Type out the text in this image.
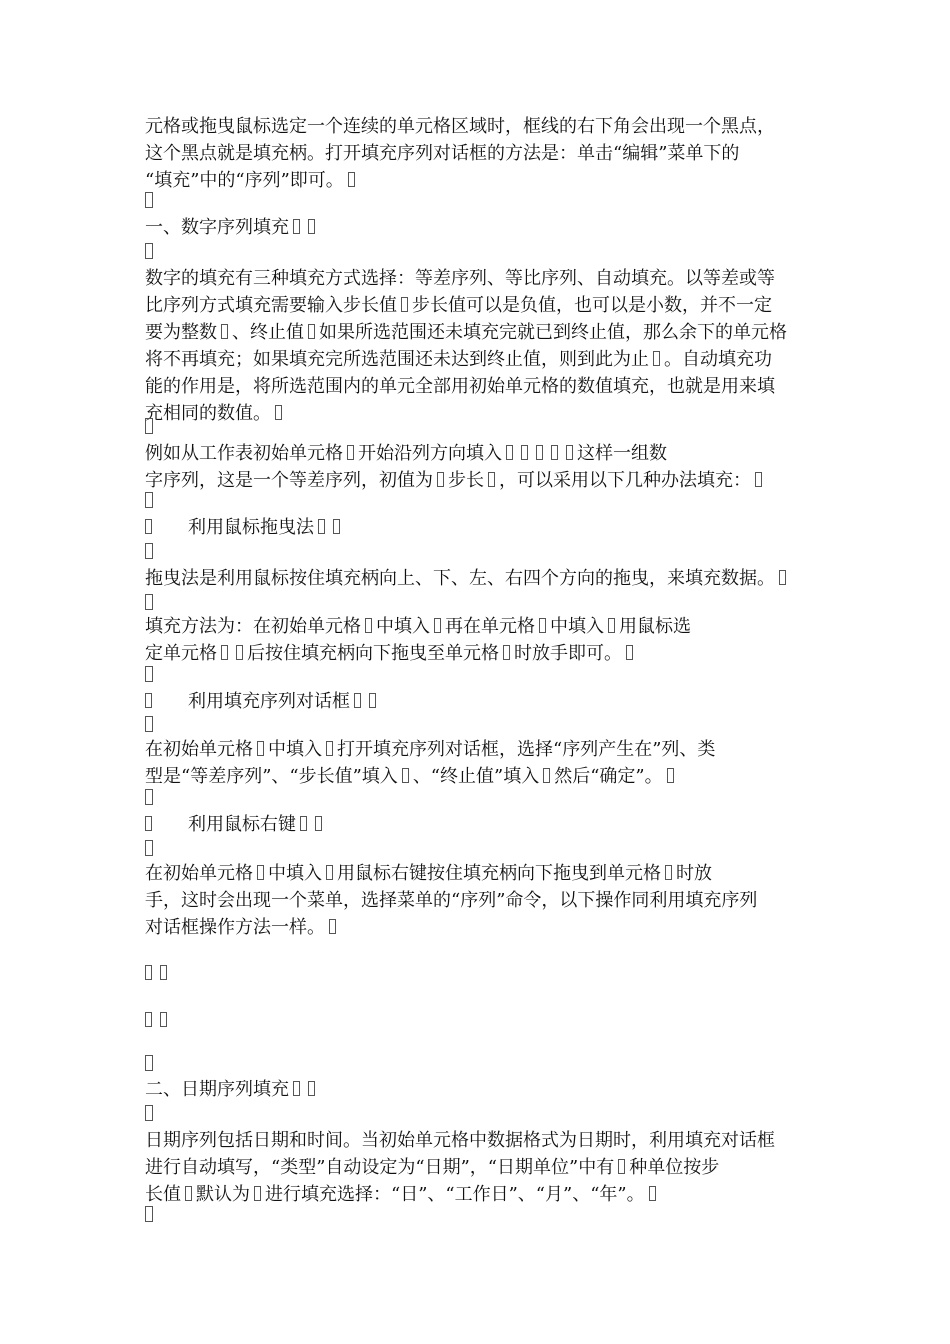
元格或拖曳鼠标选定一个连续的单元格区域时，框线的右下角会出现一个黑点，
这个黑点就是填充柄。打开填充序列对话框的方法是：单击“编辑”菜单下的
“填充”中的“序列”即可。
一、数字序列填充
数字的填充有三种填充方式选择：等差序列、等比序列、自动填充。以等差或等
比序列方式填充需要输入步长值 步长值可以是负值，也可以是小数，并不一定
要为整数 、终止值 如果所选范围还未填充完就已到终止值，那么余下的单元格
将不再填充；如果填充完所选范围还未达到终止值，则到此为止 。自动填充功
能的作用是，将所选范围内的单元全部用初始单元格的数值填充，也就是用来填
充相同的数值。
例如从工作表初始单元格 开始沿列方向填入	这样一组数
字序列，这是一个等差序列，初值为 步长 ，可以采用以下几种办法填充：
利用鼠标拖曳法
拖曳法是利用鼠标按住填充柄向上、下、左、右四个方向的拖曳，来填充数据。
填充方法为：在初始单元格 中填入 再在单元格 中填入 用鼠标选
定单元格 后按住填充柄向下拖曳至单元格 时放手即可。
利用填充序列对话框
在初始单元格 中填入 打开填充序列对话框，选择“序列产生在”列、类
型是“等差序列”、“步长值”填入 、“终止值”填入 然后“确定”。
利用鼠标右键
在初始单元格 中填入 用鼠标右键按住填充柄向下拖曳到单元格 时放
手，这时会出现一个菜单，选择菜单的“序列”命令，以下操作同利用填充序列
对话框操作方法一样。
二、日期序列填充
日期序列包括日期和时间。当初始单元格中数据格式为日期时，利用填充对话框
进行自动填写，“类型”自动设定为“日期”，“日期单位”中有 种单位按步
长值 默认为 进行填充选择：“日”、“工作日”、“月”、“年”。
